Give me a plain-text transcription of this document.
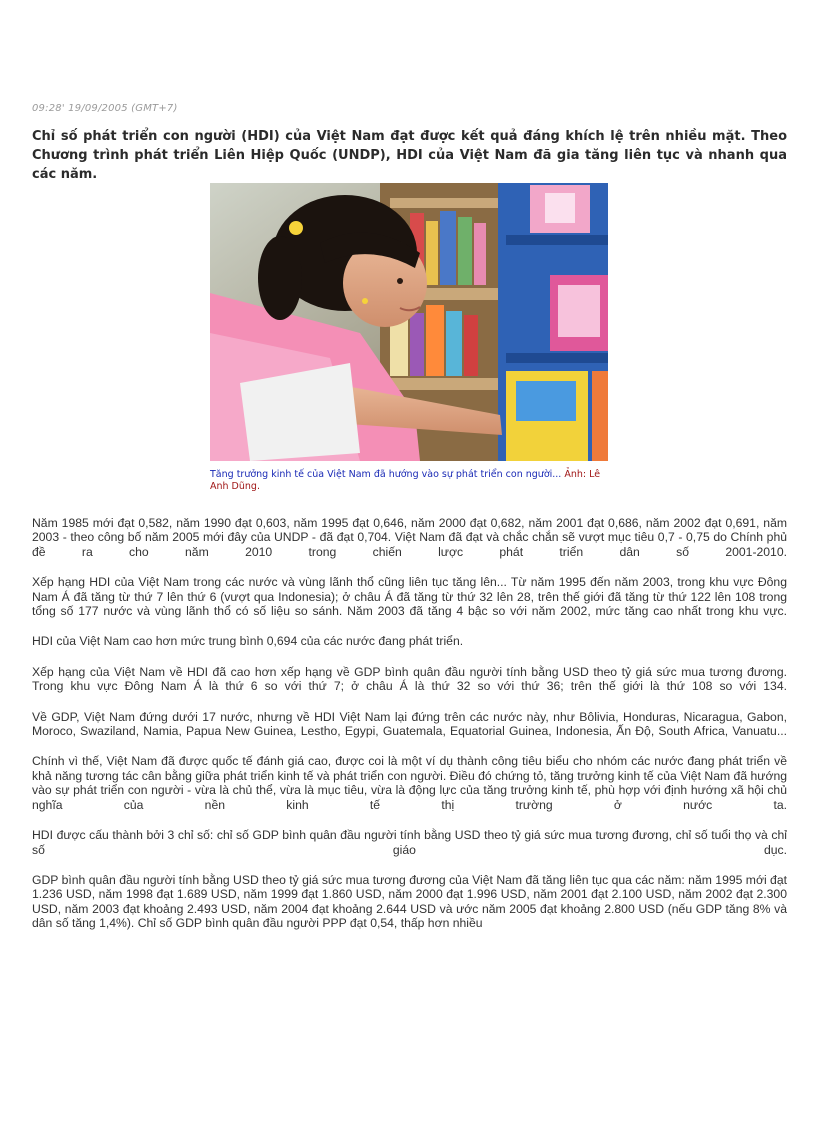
09:28' 19/09/2005 (GMT+7)
Chỉ số phát triển con người (HDI) của Việt Nam đạt được kết quả đáng khích lệ trên nhiều mặt. Theo Chương trình phát triển Liên Hiệp Quốc (UNDP), HDI của Việt Nam đã gia tăng liên tục và nhanh qua các năm.
Tăng trưởng kinh tế của Việt Nam đã hướng vào sự phát triển con người... Ảnh: Lê Anh Dũng.

Năm 1985 mới đạt 0,582, năm 1990 đạt 0,603, năm 1995 đạt 0,646, năm 2000 đạt 0,682, năm 2001 đạt 0,686, năm 2002 đạt 0,691, năm 2003 - theo công bố năm 2005 mới đây của UNDP - đã đạt 0,704. Việt Nam đã đạt và chắc chắn sẽ vượt mục tiêu 0,7 - 0,75 do Chính phủ đề ra cho năm 2010 trong chiến lược phát triển dân số 2001-2010.

Xếp hạng HDI của Việt Nam trong các nước và vùng lãnh thổ cũng liên tục tăng lên... Từ năm 1995 đến năm 2003, trong khu vực Đông Nam Á đã tăng từ thứ 7 lên thứ 6 (vượt qua Indonesia); ở châu Á đã tăng từ thứ 32 lên 28, trên thế giới đã tăng từ thứ 122 lên 108 trong tổng số 177 nước và vùng lãnh thổ có số liệu so sánh. Năm 2003 đã tăng 4 bậc so với năm 2002, mức tăng cao nhất trong khu vực.

HDI của Việt Nam cao hơn mức trung bình 0,694 của các nước đang phát triển.

Xếp hạng của Việt Nam về HDI đã cao hơn xếp hạng về GDP bình quân đầu người tính bằng USD theo tỷ giá sức mua tương đương. Trong khu vực Đông Nam Á là thứ 6 so với thứ 7; ở châu Á là thứ 32 so với thứ 36; trên thế giới là thứ 108 so với 134.

Về GDP, Việt Nam đứng dưới 17 nước, nhưng về HDI Việt Nam lại đứng trên các nước này, như Bôlivia, Honduras, Nicaragua, Gabon, Moroco, Swaziland, Namia, Papua New Guinea, Lestho, Egypi, Guatemala, Equatorial Guinea, Indonesia, Ấn Độ, South Africa, Vanuatu...

Chính vì thế, Việt Nam đã được quốc tế đánh giá cao, được coi là một ví dụ thành công tiêu biểu cho nhóm các nước đang phát triển về khả năng tương tác cân bằng giữa phát triển kinh tế và phát triển con người. Điều đó chứng tỏ, tăng trưởng kinh tế của Việt Nam đã hướng vào sự phát triển con người - vừa là chủ thể, vừa là mục tiêu, vừa là động lực của tăng trưởng kinh tế, phù hợp với định hướng xã hội chủ nghĩa của nền kinh tế thị trường ở nước ta.

HDI được cấu thành bởi 3 chỉ số: chỉ số GDP bình quân đầu người tính bằng USD theo tỷ giá sức mua tương đương, chỉ số tuổi thọ và chỉ số giáo dục.

GDP bình quân đầu người tính bằng USD theo tỷ giá sức mua tương đương của Việt Nam đã tăng liên tục qua các năm: năm 1995 mới đạt 1.236 USD, năm 1998 đạt 1.689 USD, năm 1999 đạt 1.860 USD, năm 2000 đạt 1.996 USD, năm 2001 đạt 2.100 USD, năm 2002 đạt 2.300 USD, năm 2003 đạt khoảng 2.493 USD, năm 2004 đạt khoảng 2.644 USD và ước năm 2005 đạt khoảng 2.800 USD (nếu GDP tăng 8% và dân số tăng 1,4%). Chỉ số GDP bình quân đầu người PPP đạt 0,54, thấp hơn nhiều
